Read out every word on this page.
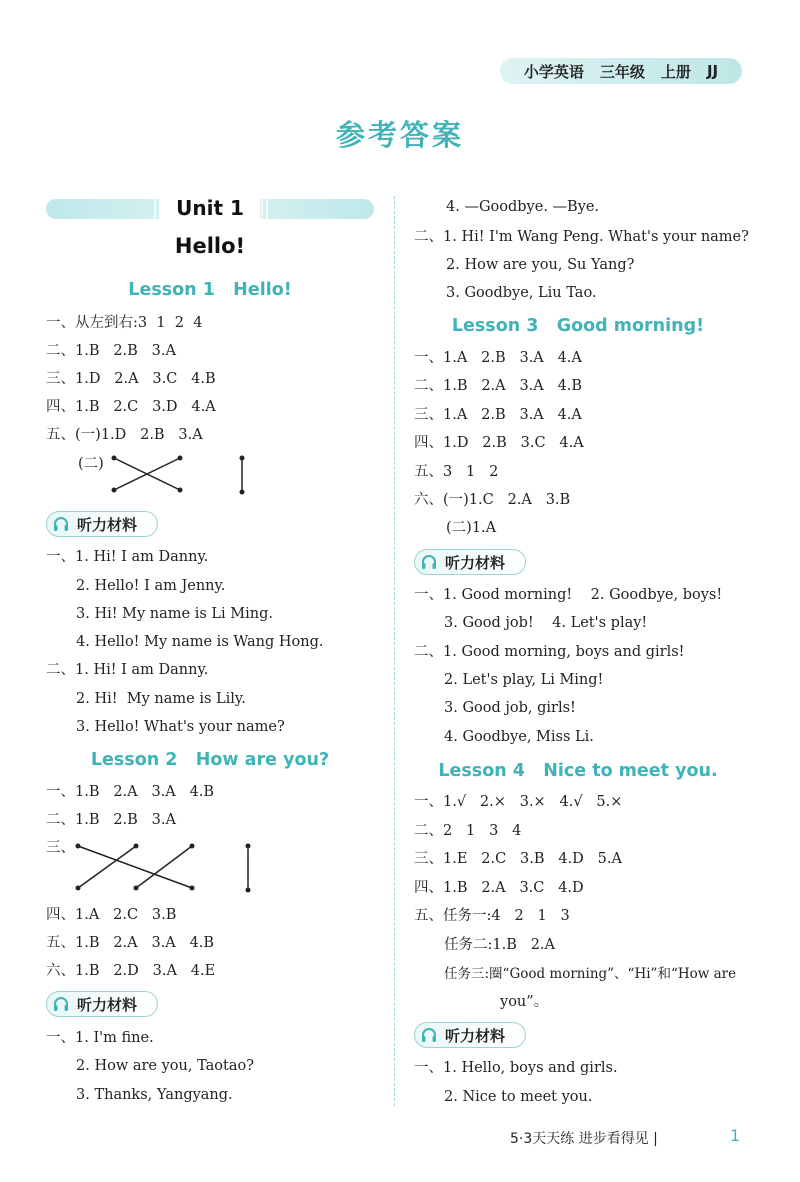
小学英语 三年级 上册 JJ
参考答案
Unit 1
Hello!
Lesson 1   Hello!
一、从左到右:3  1  2  4
二、1.B   2.B   3.A
三、1.D   2.A   3.C   4.B
四、1.B   2.C   3.D   4.A
五、(一)1.D   2.B   3.A
(二)
听力材料
一、1. Hi! I am Danny.
2. Hello! I am Jenny.
3. Hi! My name is Li Ming.
4. Hello! My name is Wang Hong.
二、1. Hi! I am Danny.
2. Hi!  My name is Lily.
3. Hello! What's your name?
Lesson 2   How are you?
一、1.B   2.A   3.A   4.B
二、1.B   2.B   3.A
三、
四、1.A   2.C   3.B
五、1.B   2.A   3.A   4.B
六、1.B   2.D   3.A   4.E
听力材料
一、1. I'm fine.
2. How are you, Taotao?
3. Thanks, Yangyang.
4. —Goodbye. —Bye.
二、1. Hi! I'm Wang Peng. What's your name?
2. How are you, Su Yang?
3. Goodbye, Liu Tao.
Lesson 3   Good morning!
一、1.A   2.B   3.A   4.A
二、1.B   2.A   3.A   4.B
三、1.A   2.B   3.A   4.A
四、1.D   2.B   3.C   4.A
五、3   1   2
六、(一)1.C   2.A   3.B
(二)1.A
听力材料
一、1. Good morning!    2. Goodbye, boys!
3. Good job!    4. Let's play!
二、1. Good morning, boys and girls!
2. Let's play, Li Ming!
3. Good job, girls!
4. Goodbye, Miss Li.
Lesson 4   Nice to meet you.
一、1.√   2.×   3.×   4.√   5.×
二、2   1   3   4
三、1.E   2.C   3.B   4.D   5.A
四、1.B   2.A   3.C   4.D
五、任务一:4   2   1   3
任务二:1.B   2.A
任务三:圈“Good morning”、“Hi”和“How are
you”。
听力材料
一、1. Hello, boys and girls.
2. Nice to meet you.
5·3天天练 进步看得见 |	1
